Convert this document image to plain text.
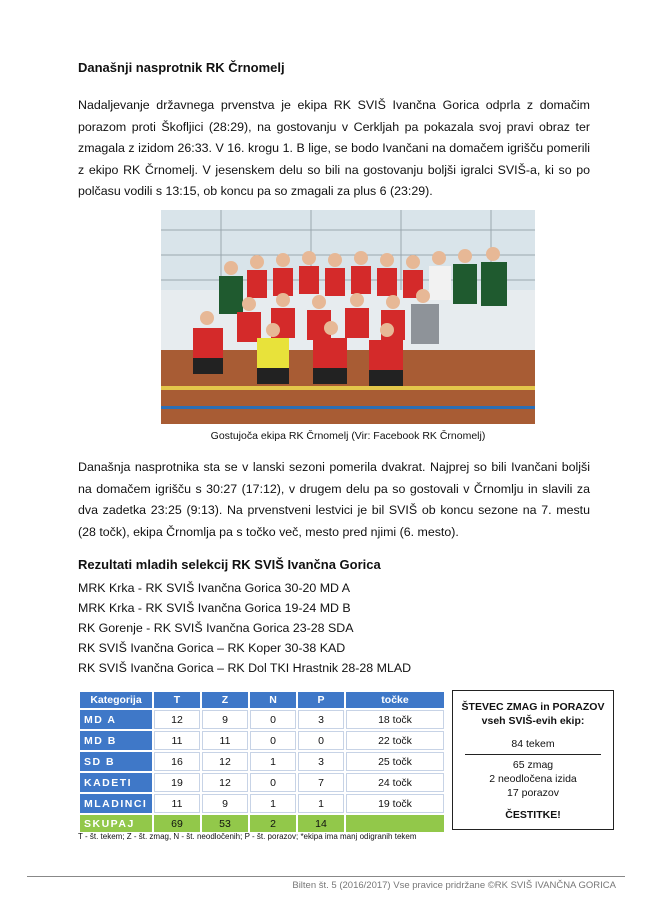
Današnji nasprotnik RK Črnomelj

Nadaljevanje državnega prvenstva je ekipa RK SVIŠ Ivančna Gorica odprla z domačim porazom proti Škofljici (28:29), na gostovanju v Cerkljah pa pokazala svoj pravi obraz ter zmagala z izidom 26:33. V 16. krogu 1. B lige, se bodo Ivančani na domačem igrišču pomerili z ekipo RK Črnomelj. V jesenskem delu so bili na gostovanju boljši igralci SVIŠ-a, ki so po polčasu vodili s 13:15, ob koncu pa so zmagali za plus 6 (23:29).

Gostujoča ekipa RK Črnomelj (Vir: Facebook RK Črnomelj)

Današnja nasprotnika sta se v lanski sezoni pomerila dvakrat. Najprej so bili Ivančani boljši na domačem igrišču s 30:27 (17:12), v drugem delu pa so gostovali v Črnomlju in slavili za dva zadetka 23:25 (9:13). Na prvenstveni lestvici je bil SVIŠ ob koncu sezone na 7. mestu (28 točk), ekipa Črnomlja pa s točko več, mesto pred njimi (6. mesto).

Rezultati mladih selekcij RK SVIŠ Ivančna Gorica
MRK Krka - RK SVIŠ Ivančna Gorica 30-20 MD A
MRK Krka - RK SVIŠ Ivančna Gorica 19-24 MD B
RK Gorenje - RK SVIŠ Ivančna Gorica 23-28 SDA
RK SVIŠ Ivančna Gorica – RK Koper 30-38 KAD
RK SVIŠ Ivančna Gorica – RK Dol TKI Hrastnik 28-28 MLAD
Kategorija	T	Z	N	P	točke
MD A	12	9	0	3	18 točk
MD B	11	11	0	0	22 točk
SD B	16	12	1	3	25 točk
KADETI	19	12	0	7	24 točk
MLADINCI	11	9	1	1	19 točk
SKUPAJ	69	53	2	14	
T - št. tekem; Z - št. zmag, N - št. neodločenih; P - št. porazov; *ekipa ima manj odigranih tekem
ŠTEVEC ZMAG in PORAZOV
vseh SVIŠ-evih ekip:
84 tekem
65 zmag
2 neodločena izida
17 porazov
ČESTITKE!
Bilten št. 5 (2016/2017) Vse pravice pridržane ©RK SVIŠ IVANČNA GORICA
